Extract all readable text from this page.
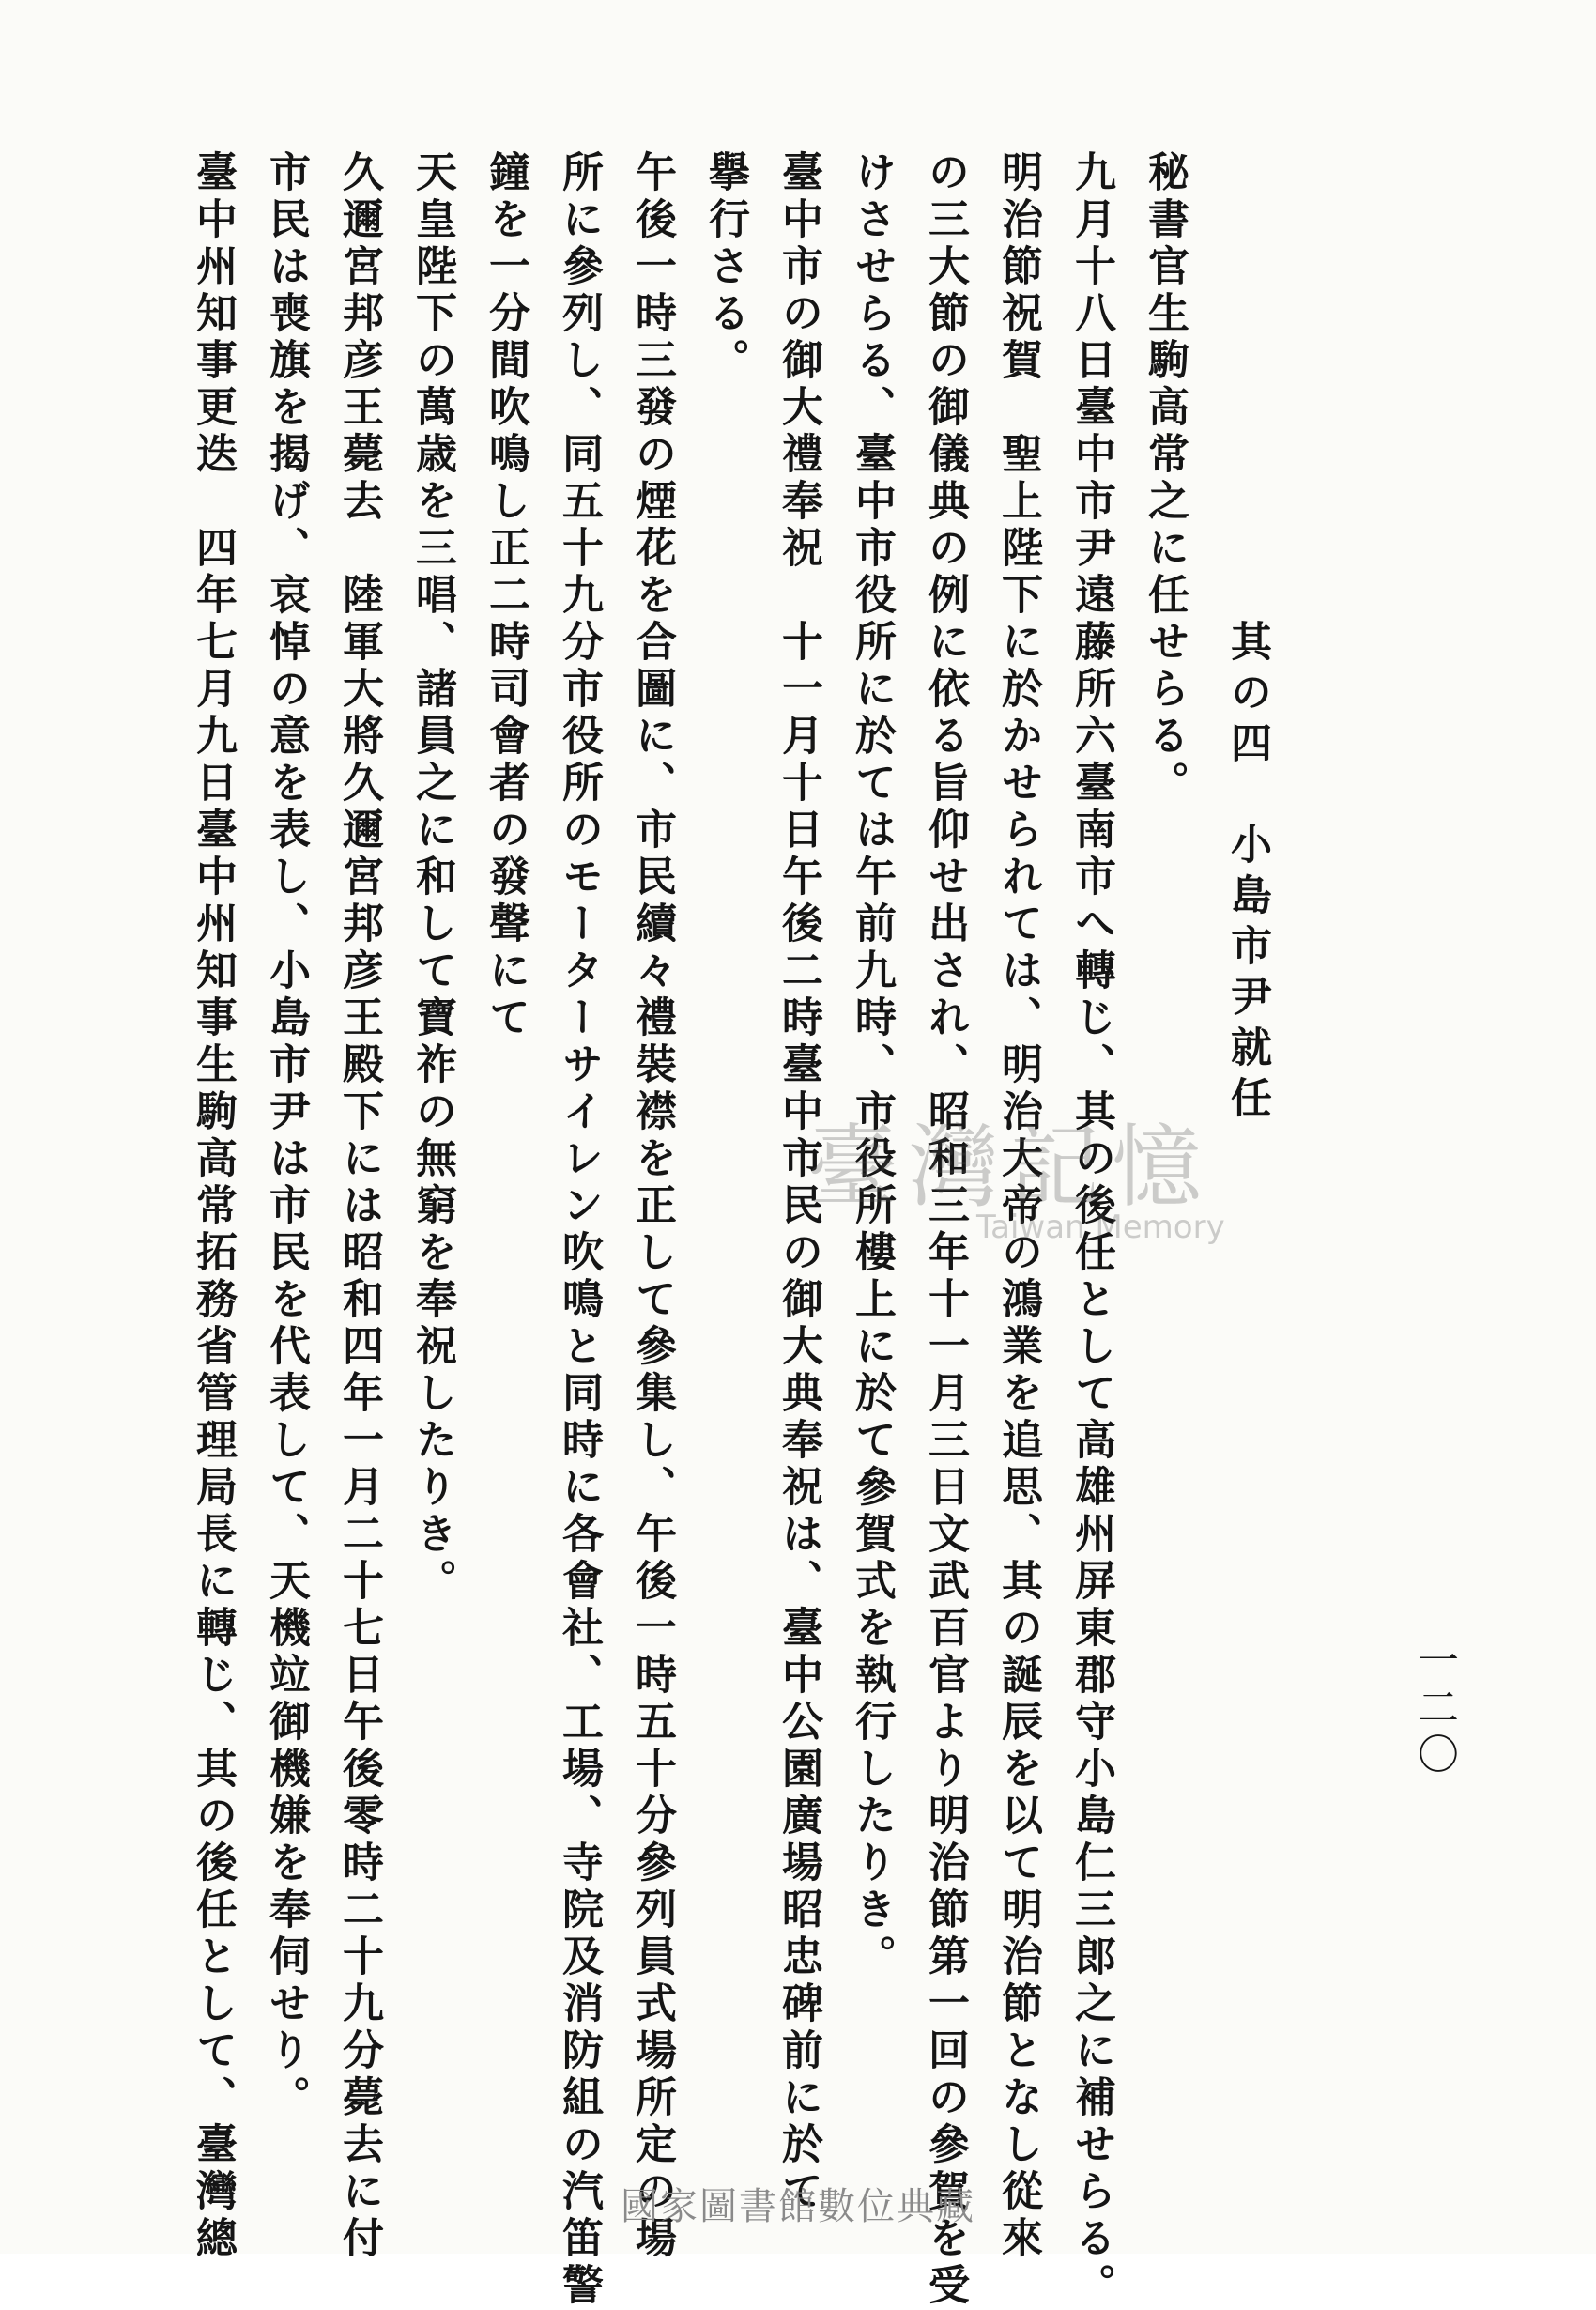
一二〇
秘書官生駒高常之に任せらる。
九月十八日臺中市尹遠藤所六臺南市へ轉じ、其の後任として高雄州屏東郡守小島仁三郎之に補せらる。
明治節祝賀　聖上陛下に於かせられては、明治大帝の鴻業を追思、其の誕辰を以て明治節となし從來
の三大節の御儀典の例に依る旨仰せ出され、昭和三年十一月三日文武百官より明治節第一回の參賀を受
けさせらる、臺中市役所に於ては午前九時、市役所樓上に於て參賀式を執行したりき。
臺中市の御大禮奉祝　十一月十日午後二時臺中市民の御大典奉祝は、臺中公園廣場昭忠碑前に於て
擧行さる。
午後一時三發の煙花を合圖に、市民續々禮裝襟を正して參集し、午後一時五十分參列員式場所定の場
所に參列し、同五十九分市役所のモーターサイレン吹鳴と同時に各會社、工場、寺院及消防組の汽笛警
鐘を一分間吹鳴し正二時司會者の發聲にて
天皇陛下の萬歳を三唱、諸員之に和して寶祚の無窮を奉祝したりき。
久邇宮邦彦王薨去　陸軍大將久邇宮邦彦王殿下には昭和四年一月二十七日午後零時二十九分薨去に付
市民は喪旗を揭げ、哀悼の意を表し、小島市尹は市民を代表して、天機竝御機嫌を奉伺せり。
臺中州知事更迭　四年七月九日臺中州知事生駒高常拓務省管理局長に轉じ、其の後任として、臺灣總	其の四　小島市尹就任
臺灣記憶
Taiwan Memory
國家圖書館數位典藏
